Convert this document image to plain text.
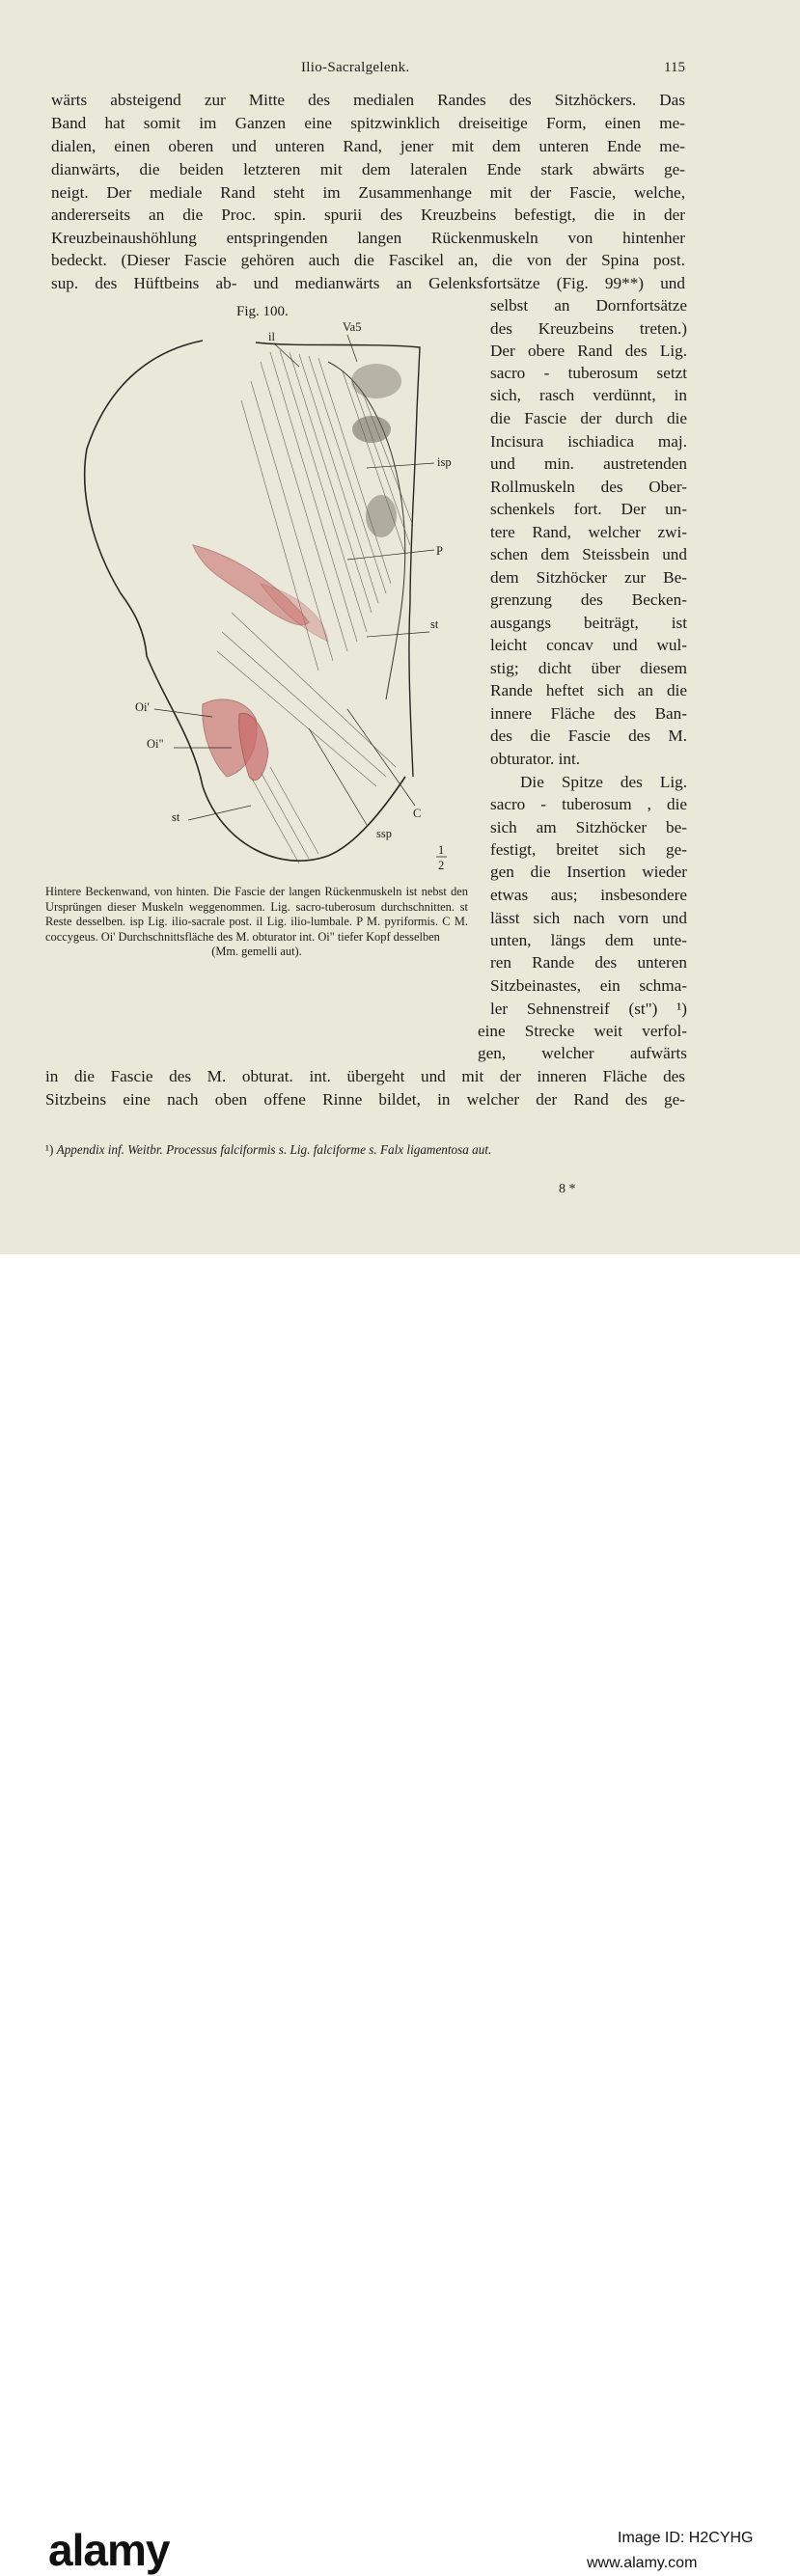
Ilio-Sacralgelenk.	115
wärts absteigend zur Mitte des medialen Randes des Sitzhöckers. Das
Band hat somit im Ganzen eine spitzwinklich dreiseitige Form, einen me-
dialen, einen oberen und unteren Rand, jener mit dem unteren Ende me-
dianwärts, die beiden letzteren mit dem lateralen Ende stark abwärts ge-
neigt. Der mediale Rand steht im Zusammenhange mit der Fascie, welche,
andererseits an die Proc. spin. spurii des Kreuzbeins befestigt, die in der
Kreuzbeinaushöhlung entspringenden langen Rückenmuskeln von hintenher
bedeckt. (Dieser Fascie gehören auch die Fascikel an, die von der Spina post.
sup. des Hüftbeins ab- und medianwärts an Gelenksfortsätze (Fig. 99**) und
selbst an Dornfortsätze
des Kreuzbeins treten.)
Der obere Rand des Lig.
sacro - tuberosum setzt
sich, rasch verdünnt, in
die Fascie der durch die
Incisura ischiadica maj.
und min. austretenden
Rollmuskeln des Ober-
schenkels fort. Der un-
tere Rand, welcher zwi-
schen dem Steissbein und
dem Sitzhöcker zur Be-
grenzung des Becken-
ausgangs beiträgt, ist
leicht concav und wul-
stig; dicht über diesem
Rande heftet sich an die
innere Fläche des Ban-
des die Fascie des M.
obturator. int.
Die Spitze des Lig.
sacro - tuberosum , die
sich am Sitzhöcker be-
festigt, breitet sich ge-
gen die Insertion wieder
etwas aus; insbesondere
lässt sich nach vorn und
unten, längs dem unte-
ren Rande des unteren
Sitzbeinastes, ein schma-
ler Sehnenstreif (st") ¹)
eine Strecke weit verfol-
gen, welcher aufwärts
in die Fascie des M. obturat. int. übergeht und mit der inneren Fläche des
Sitzbeins eine nach oben offene Rinne bildet, in welcher der Rand des ge-
Fig. 100.
il
Va5
isp
P
st
Oi'
Oi"
st	C
ssp
1
2
Hintere Beckenwand, von hinten. Die Fascie der langen Rückenmuskeln ist nebst den Ursprüngen dieser Muskeln weggenommen. Lig. sacro-tuberosum durchschnitten. st Reste desselben. isp Lig. ilio-sacrale post. il Lig. ilio-lumbale. P M. pyriformis. C M. coccygeus. Oi' Durchschnittsfläche des M. obturator int. Oi" tiefer Kopf desselben
(Mm. gemelli aut).
¹) Appendix inf. Weitbr. Processus falciformis s. Lig. falciforme s. Falx ligamentosa aut.
8 *
alamy	Image ID: H2CYHG
www.alamy.com
